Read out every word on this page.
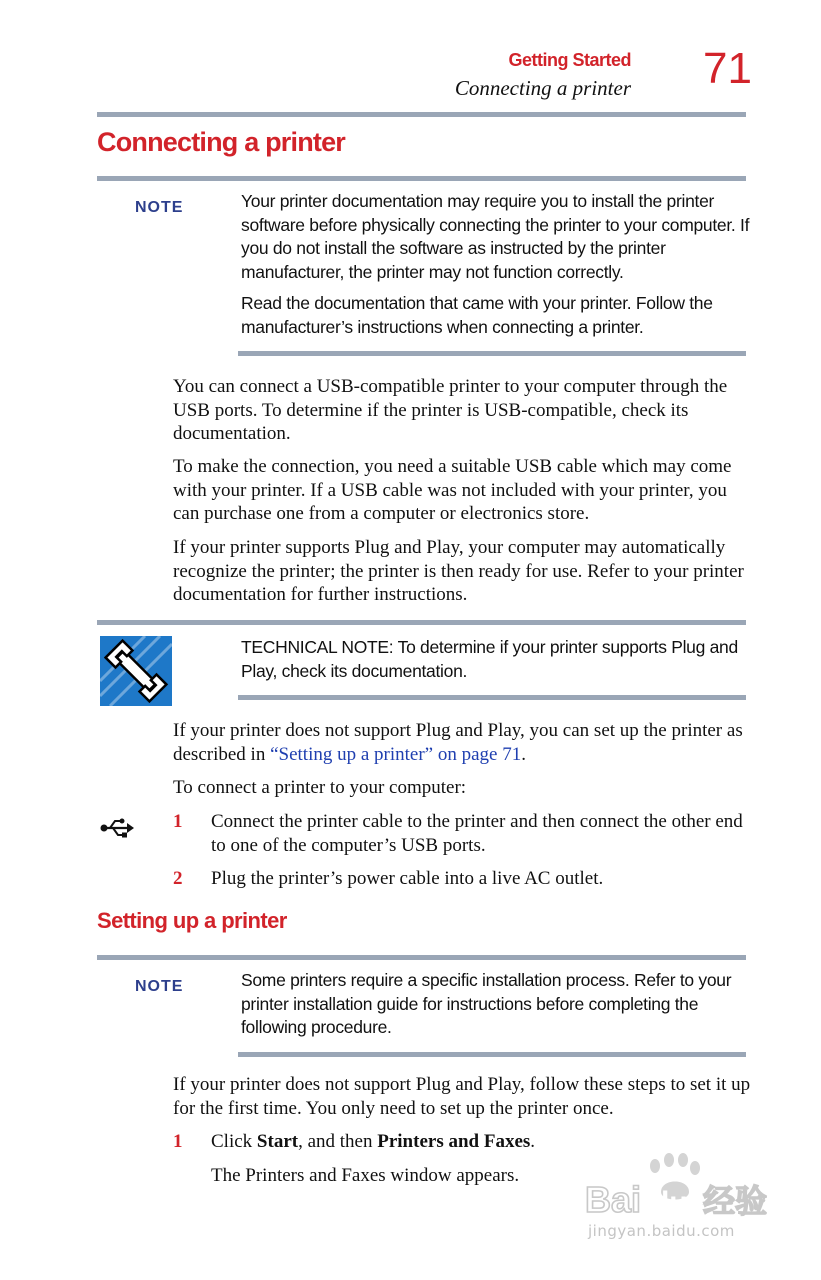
Getting Started
Connecting a printer 71
Connecting a printer
NOTE	Your printer documentation may require you to install the printer software before physically connecting the printer to your computer. If you do not install the software as instructed by the printer manufacturer, the printer may not function correctly.

Read the documentation that came with your printer. Follow the manufacturer’s instructions when connecting a printer.

You can connect a USB-compatible printer to your computer through the USB ports. To determine if the printer is USB-compatible, check its documentation.

To make the connection, you need a suitable USB cable which may come with your printer. If a USB cable was not included with your printer, you can purchase one from a computer or electronics store.

If your printer supports Plug and Play, your computer may automatically recognize the printer; the printer is then ready for use. Refer to your printer documentation for further instructions.

TECHNICAL NOTE: To determine if your printer supports Plug and Play, check its documentation.

If your printer does not support Plug and Play, you can set up the printer as described in “Setting up a printer” on page 71.

To connect a printer to your computer:

1 Connect the printer cable to the printer and then connect the other end to one of the computer’s USB ports.
2 Plug the printer’s power cable into a live AC outlet.
Setting up a printer
NOTE	Some printers require a specific installation process. Refer to your printer installation guide for instructions before completing the following procedure.

If your printer does not support Plug and Play, follow these steps to set it up for the first time. You only need to set up the printer once.

1 Click Start, and then Printers and Faxes.
The Printers and Faxes window appears.
Bai du 经验
jingyan.baidu.com
